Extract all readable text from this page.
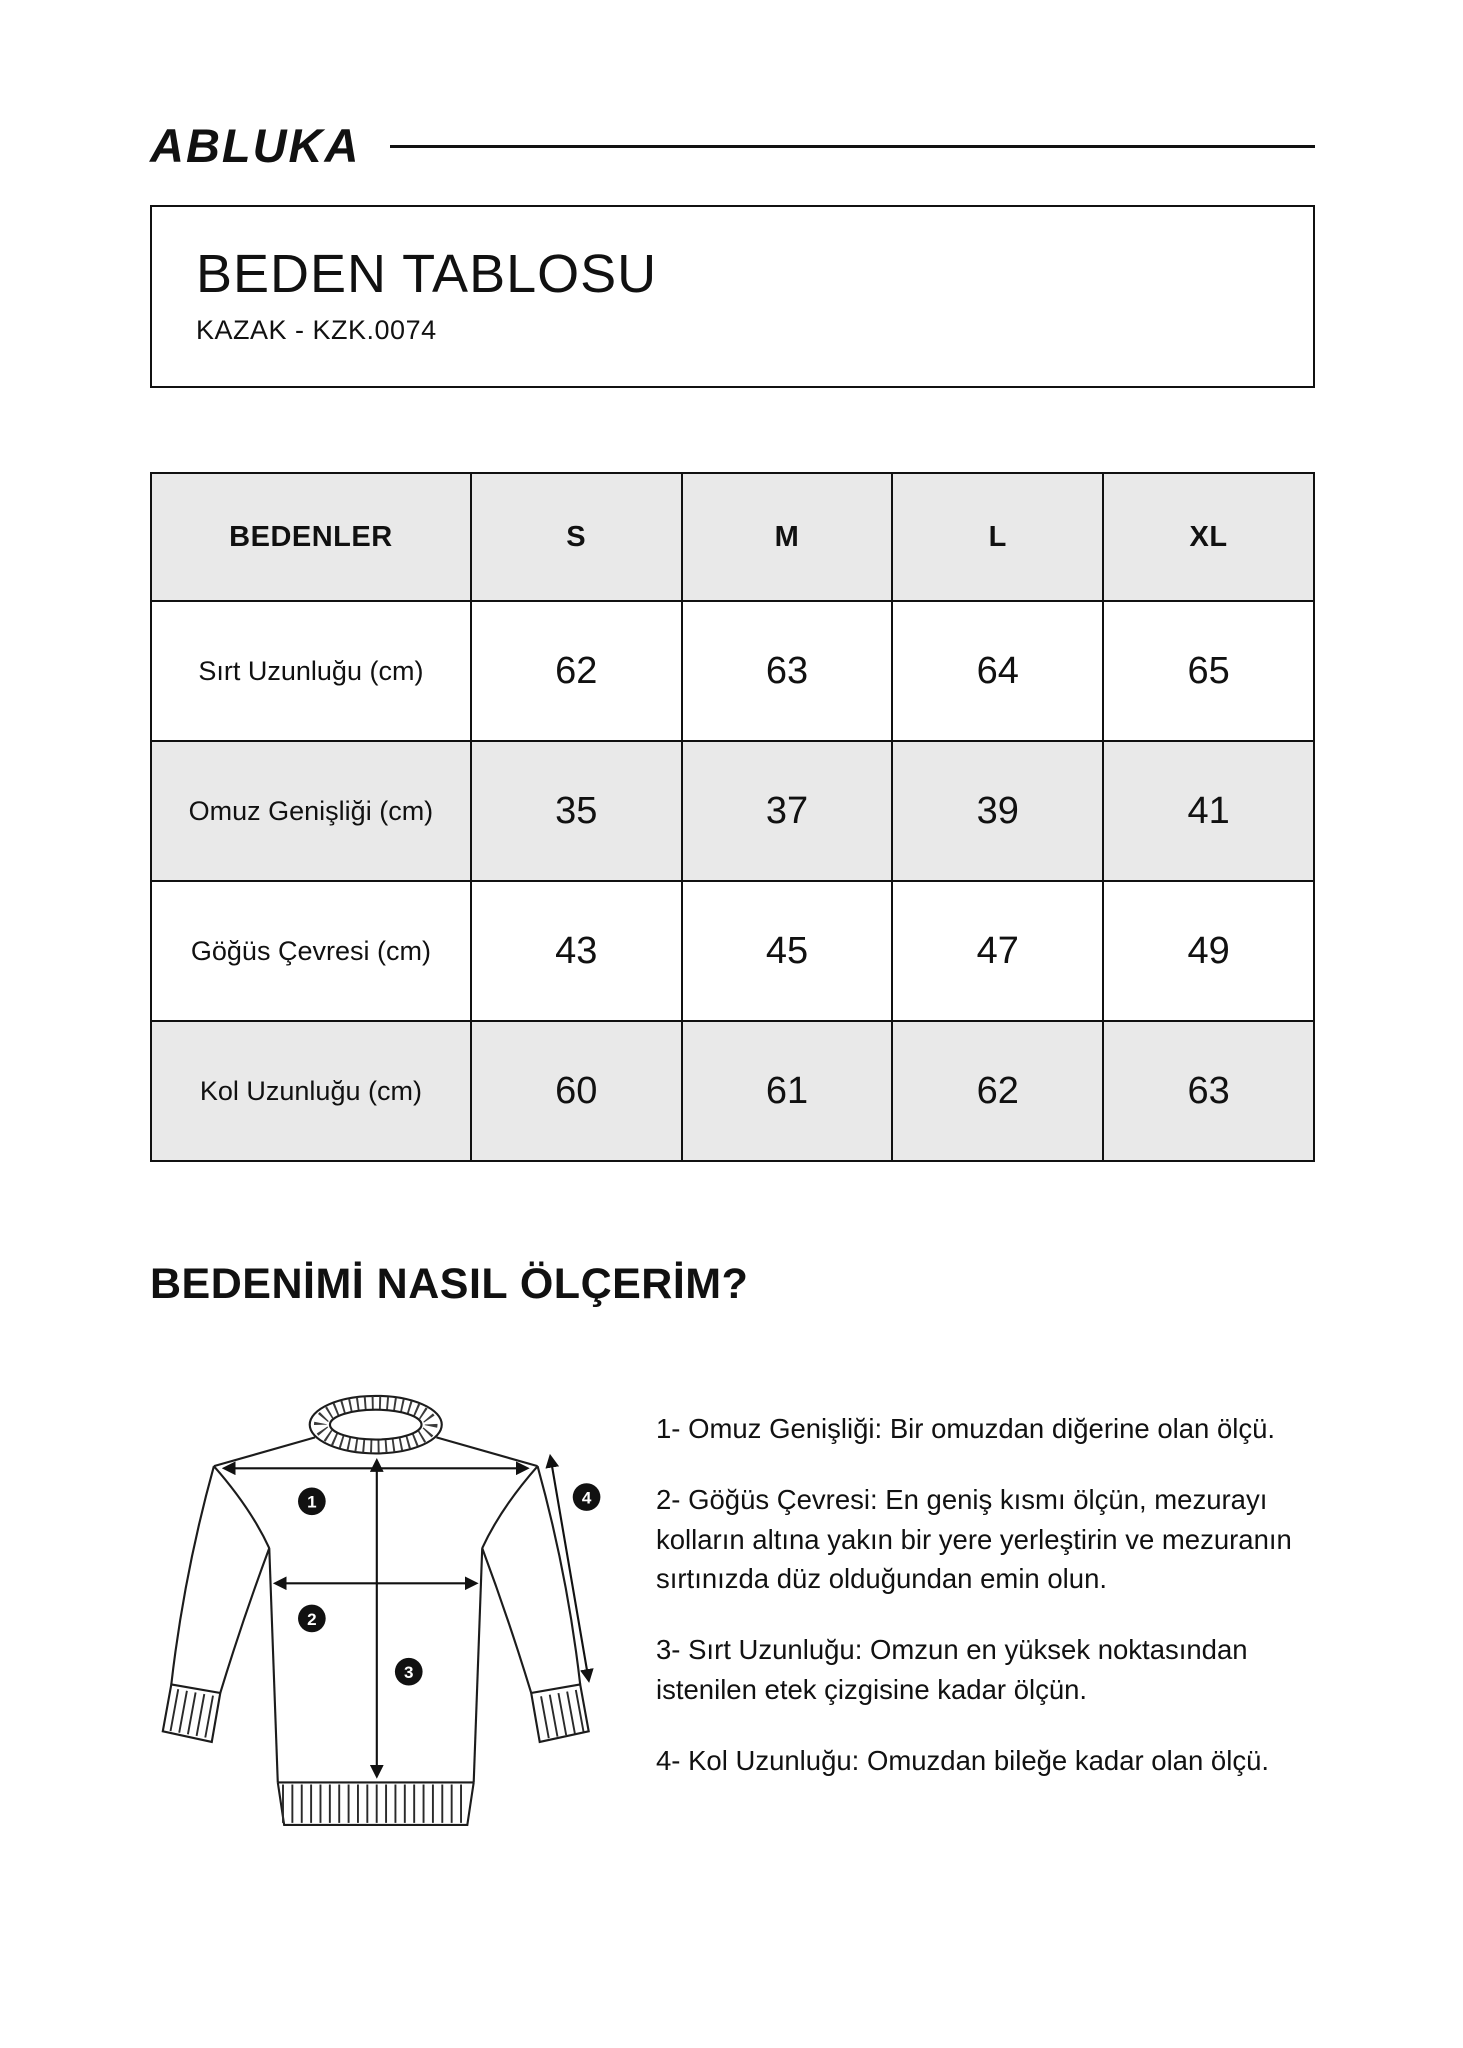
ABLUKA
BEDEN TABLOSU
KAZAK - KZK.0074
BEDENLER	S	M	L	XL
Sırt Uzunluğu (cm)	62	63	64	65
Omuz Genişliği (cm)	35	37	39	41
Göğüs Çevresi (cm)	43	45	47	49
Kol Uzunluğu (cm)	60	61	62	63
BEDENİMİ NASIL ÖLÇERİM?
1
2
3
4

1- Omuz Genişliği: Bir omuzdan diğerine olan ölçü.

2- Göğüs Çevresi: En geniş kısmı ölçün, mezurayı kolların altına yakın bir yere yerleştirin ve mezuranın sırtınızda düz olduğundan emin olun.

3- Sırt Uzunluğu: Omzun en yüksek noktasından istenilen etek çizgisine kadar ölçün.

4- Kol Uzunluğu: Omuzdan bileğe kadar olan ölçü.
